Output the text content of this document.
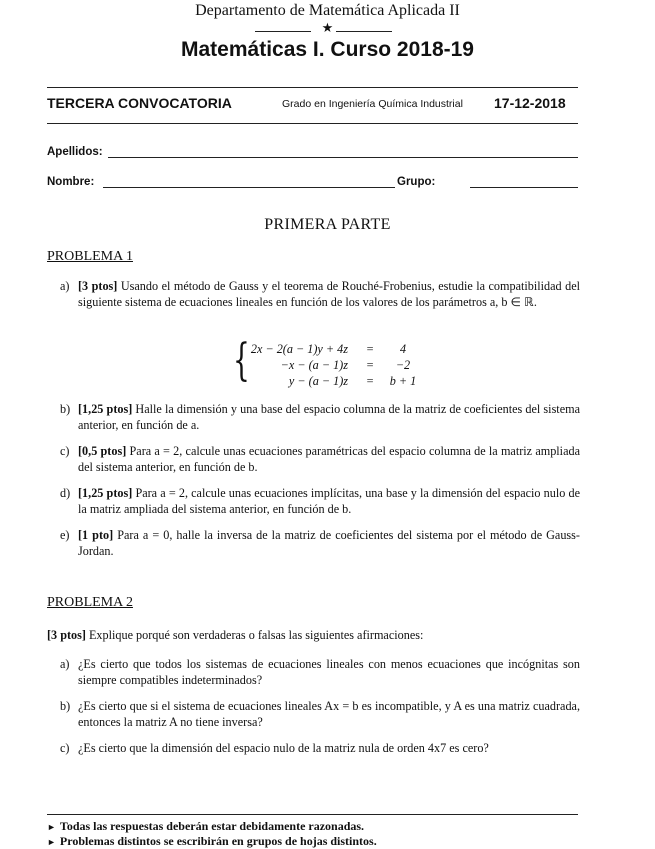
Departamento de Matemática Aplicada II
★
Matemáticas I. Curso 2018-19
TERCERA CONVOCATORIA	Grado en Ingeniería Química Industrial 17-12-2018
Apellidos:
Nombre:	Grupo:
PRIMERA PARTE
PROBLEMA 1
a) [3 ptos] Usando el método de Gauss y el teorema de Rouché-Frobenius, estudie la compatibilidad del siguiente sistema de ecuaciones lineales en función de los valores de los parámetros a, b ∈ ℝ.
{ 2x − 2(a − 1)y + 4z =	4
−x − (a − 1)z =	−2
y − (a − 1)z =	b + 1
b) [1,25 ptos] Halle la dimensión y una base del espacio columna de la matriz de coeficientes del sistema anterior, en función de a.
c) [0,5 ptos] Para a = 2, calcule unas ecuaciones paramétricas del espacio columna de la matriz ampliada del sistema anterior, en función de b.
d) [1,25 ptos] Para a = 2, calcule unas ecuaciones implícitas, una base y la dimensión del espacio nulo de la matriz ampliada del sistema anterior, en función de b.
e) [1 pto] Para a = 0, halle la inversa de la matriz de coeficientes del sistema por el método de Gauss-Jordan.
PROBLEMA 2
[3 ptos] Explique porqué son verdaderas o falsas las siguientes afirmaciones:
a) ¿Es cierto que todos los sistemas de ecuaciones lineales con menos ecuaciones que incógnitas son siempre compatibles indeterminados?
b) ¿Es cierto que si el sistema de ecuaciones lineales Ax = b es incompatible, y A es una matriz cuadrada, entonces la matriz A no tiene inversa?
c) ¿Es cierto que la dimensión del espacio nulo de la matriz nula de orden 4x7 es cero?
► Todas las respuestas deberán estar debidamente razonadas.
► Problemas distintos se escribirán en grupos de hojas distintos.
